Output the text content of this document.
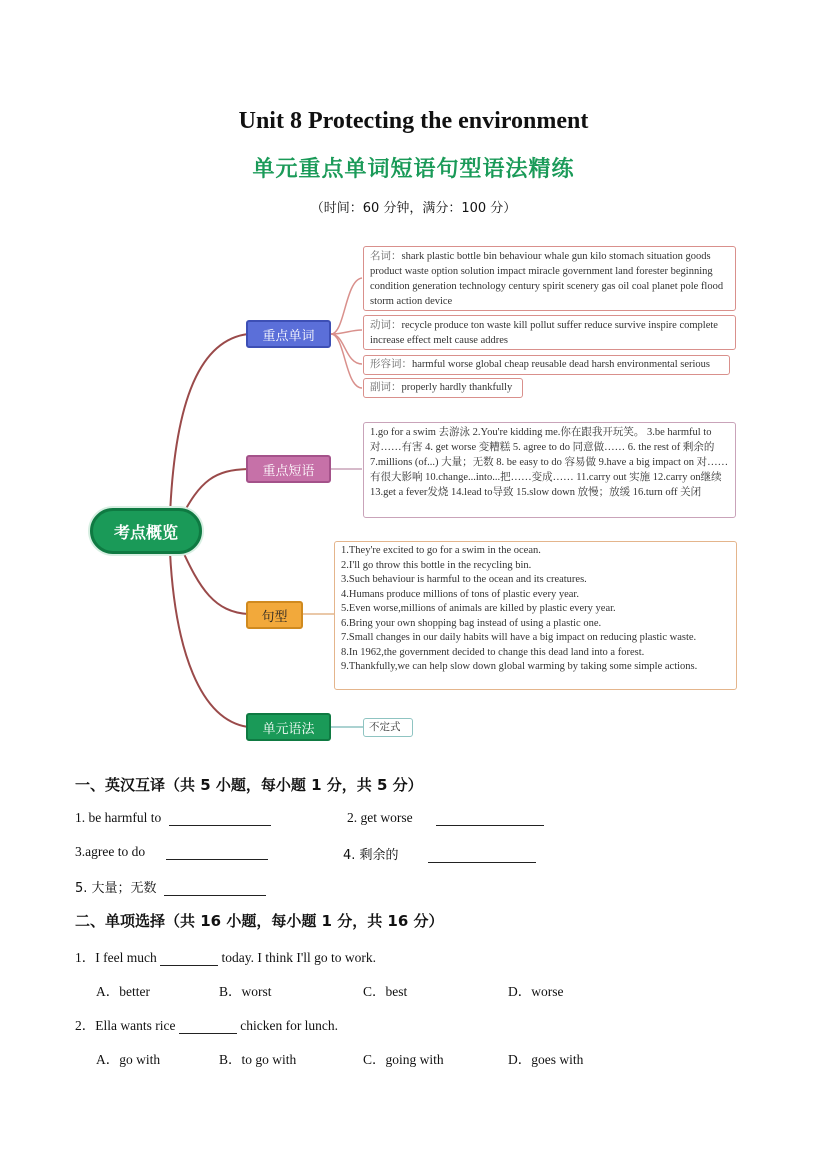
Unit 8 Protecting the environment
单元重点单词短语句型语法精练
（时间：60 分钟，满分：100 分）
考点概览
重点单词
重点短语
句型
单元语法
名词：shark plastic bottle bin behaviour whale gun kilo stomach situation goods product waste option solution impact miracle government land forester beginning condition generation technology century spirit scenery gas oil coal planet pole flood storm action device
动词：recycle produce ton waste kill pollut suffer reduce survive inspire complete increase effect melt cause addres
形容词：harmful worse global cheap reusable dead harsh environmental serious
副词：properly hardly thankfully
1.go for a swim 去游泳 2.You're kidding me.你在跟我开玩笑。 3.be harmful to 对……有害 4. get worse 变糟糕 5. agree to do 同意做…… 6. the rest of 剩余的 7.millions (of...) 大量；无数 8. be easy to do 容易做 9.have a big impact on 对……有很大影响 10.change...into...把……变成…… 11.carry out 实施 12.carry on继续 13.get a fever发烧 14.lead to导致 15.slow down 放慢；放缓 16.turn off 关闭
1.They're excited to go for a swim in the ocean.
2.I'll go throw this bottle in the recycling bin.
3.Such behaviour is harmful to the ocean and its creatures.
4.Humans produce millions of tons of plastic every year.
5.Even worse,millions of animals are killed by plastic every year.
6.Bring your own shopping bag instead of using a plastic one.
7.Small changes in our daily habits will have a big impact on reducing plastic waste.
8.In 1962,the government decided to change this dead land into a forest.
9.Thankfully,we can help slow down global warming by taking some simple actions.
不定式
一、英汉互译（共 5 小题，每小题 1 分，共 5 分）
1. be harmful to	2. get worse
3.agree to do	4. 剩余的
5. 大量；无数
二、单项选择（共 16 小题，每小题 1 分，共 16 分）
1．I feel much	today. I think I'll go to work.
A．better	B．worst	C．best	D．worse
2．Ella wants rice	chicken for lunch.
A．go with	B．to go with	C．going with	D．goes with
